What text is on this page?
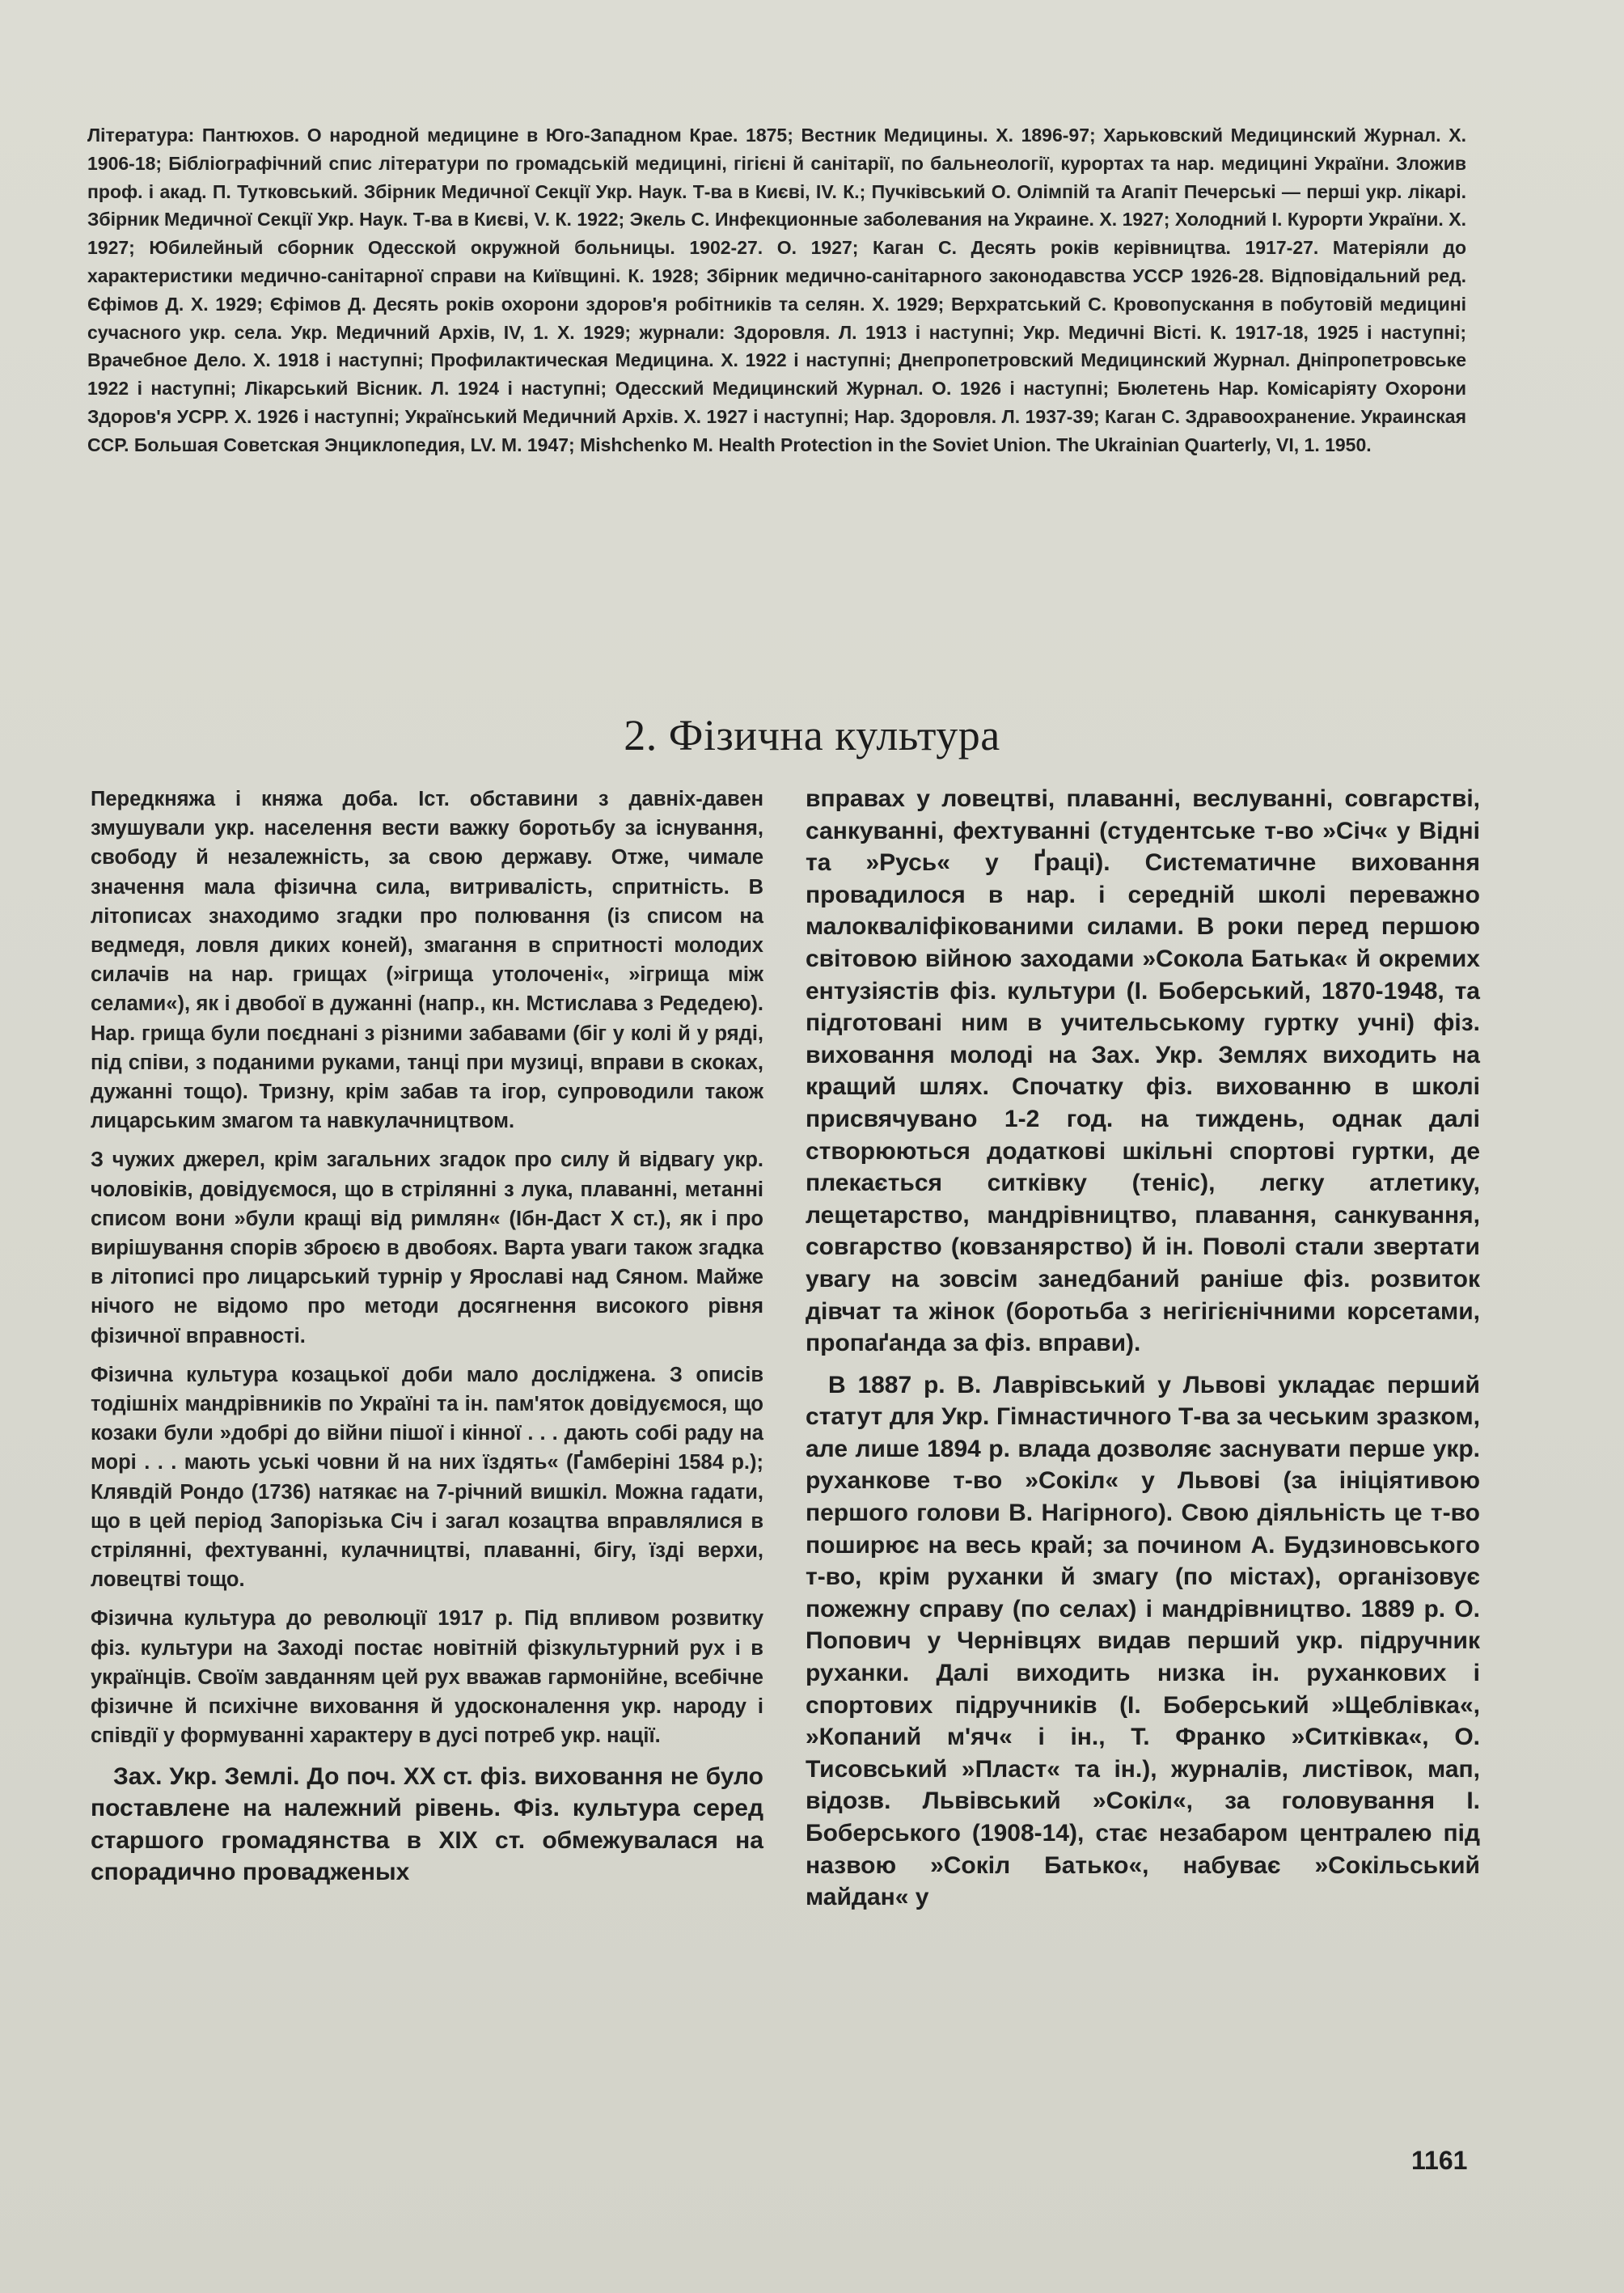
Література: Пантюхов. О народной медицине в Юго-Западном Крае. 1875; Вестник Медицины. Х. 1896-97; Харьковский Медицинский Журнал. Х. 1906-18; Бібліографічний спис літератури по громадській медицині, гігієні й санітарії, по бальнеології, курортах та нар. медицині України. Зложив проф. і акад. П. Тутковський. Збірник Медичної Секції Укр. Наук. Т-ва в Києві, IV. К.; Пучківський О. Олімпій та Агапіт Печерські — перші укр. лікарі. Збірник Медичної Секції Укр. Наук. Т-ва в Києві, V. К. 1922; Экель С. Инфекционные заболевания на Украине. Х. 1927; Холодний І. Курорти України. Х. 1927; Юбилейный сборник Одесской окружной больницы. 1902-27. О. 1927; Каган С. Десять років керівництва. 1917-27. Матеріяли до характеристики медично-санітарної справи на Київщині. К. 1928; Збірник медично-санітарного законодавства УССР 1926-28. Відповідальний ред. Єфімов Д. Х. 1929; Єфімов Д. Десять років охорони здоров'я робітників та селян. Х. 1929; Верхратський С. Кровопускання в побутовій медицині сучасного укр. села. Укр. Медичний Архів, IV, 1. Х. 1929; журнали: Здоровля. Л. 1913 і наступні; Укр. Медичні Вісті. К. 1917-18, 1925 і наступні; Врачебное Дело. Х. 1918 і наступні; Профилактическая Медицина. Х. 1922 і наступні; Днепропетровский Медицинский Журнал. Дніпропетровське 1922 і наступні; Лікарський Вісник. Л. 1924 і наступні; Одесский Медицинский Журнал. О. 1926 і наступні; Бюлетень Нар. Комісаріяту Охорони Здоров'я УСРР. Х. 1926 і наступні; Український Медичний Архів. Х. 1927 і наступні; Нар. Здоровля. Л. 1937-39; Каган С. Здравоохранение. Украинская ССР. Большая Советская Энциклопедия, LV. М. 1947; Mishchenko M. Health Protection in the Soviet Union. The Ukrainian Quarterly, VI, 1. 1950.

2. Фізична культура

Передкняжа і княжа доба. Іст. обставини з давніх-давен змушували укр. населення вести важку боротьбу за існування, свободу й незалежність, за свою державу. Отже, чимале значення мала фізична сила, витривалість, спритність. В літописах знаходимо згадки про полювання (із списом на ведмедя, ловля диких коней), змагання в спритності молодих силачів на нар. грищах (»ігрища утолочені«, »ігрища між селами«), як і двобої в дужанні (напр., кн. Мстислава з Редедею). Нар. грища були поєднані з різними забавами (біг у колі й у ряді, під співи, з поданими руками, танці при музиці, вправи в скоках, дужанні тощо). Тризну, крім забав та ігор, супроводили також лицарським змагом та навкулачництвом.

З чужих джерел, крім загальних згадок про силу й відвагу укр. чоловіків, довідуємося, що в стрілянні з лука, плаванні, метанні списом вони »були кращі від римлян« (Ібн-Даст X ст.), як і про вирішування спорів зброєю в двобоях. Варта уваги також згадка в літописі про лицарський турнір у Ярославі над Сяном. Майже нічого не відомо про методи досягнення високого рівня фізичної вправності.

Фізична культура козацької доби мало досліджена. З описів тодішніх мандрівників по Україні та ін. пам'яток довідуємося, що козаки були »добрі до війни пішої і кінної . . . дають собі раду на морі . . . мають уські човни й на них їздять« (Ґамберіні 1584 р.); Клявдій Рондо (1736) натякає на 7-річний вишкіл. Можна гадати, що в цей період Запорізька Січ і загал козацтва вправлялися в стрілянні, фехтуванні, кулачництві, плаванні, бігу, їзді верхи, ловецтві тощо.

Фізична культура до революції 1917 р. Під впливом розвитку фіз. культури на Заході постає новітній фізкультурний рух і в українців. Своїм завданням цей рух вважав гармонійне, всебічне фізичне й психічне виховання й удосконалення укр. народу і співдії у формуванні характеру в дусі потреб укр. нації.

Зах. Укр. Землі. До поч. XX ст. фіз. виховання не було поставлене на належний рівень. Фіз. культура серед старшого громадянства в XIX ст. обмежувалася на спорадично провадженых

вправах у ловецтві, плаванні, веслуванні, совгарстві, санкуванні, фехтуванні (студентське т-во »Січ« у Відні та »Русь« у Ґраці). Систематичне виховання провадилося в нар. і середній школі переважно малокваліфікованими силами. В роки перед першою світовою війною заходами »Сокола Батька« й окремих ентузіястів фіз. культури (І. Боберський, 1870-1948, та підготовані ним в учительському гуртку учні) фіз. виховання молоді на Зах. Укр. Землях виходить на кращий шлях. Спочатку фіз. вихованню в школі присвячувано 1-2 год. на тиждень, однак далі створюються додаткові шкільні спортові гуртки, де плекається ситківку (теніс), легку атлетику, лещетарство, мандрівництво, плавання, санкування, совгарство (ковзанярство) й ін. Поволі стали звертати увагу на зовсім занедбаний раніше фіз. розвиток дівчат та жінок (боротьба з негігієнічними корсетами, пропаґанда за фіз. вправи).

В 1887 р. В. Лаврівський у Львові укладає перший статут для Укр. Гімнастичного Т-ва за чеським зразком, але лише 1894 р. влада дозволяє заснувати перше укр. руханкове т-во »Сокіл« у Львові (за ініціятивою першого голови В. Нагірного). Свою діяльність це т-во поширює на весь край; за почином А. Будзиновського т-во, крім руханки й змагу (по містах), організовує пожежну справу (по селах) і мандрівництво. 1889 р. О. Попович у Чернівцях видав перший укр. підручник руханки. Далі виходить низка ін. руханкових і спортових підручників (І. Боберський »Щеблівка«, »Копаний м'яч« і ін., Т. Франко »Ситківка«, О. Тисовський »Пласт« та ін.), журналів, листівок, мап, відозв. Львівський »Сокіл«, за головування І. Боберського (1908-14), стає незабаром централею під назвою »Сокіл Батько«, набуває »Сокільський майдан« у

1161
